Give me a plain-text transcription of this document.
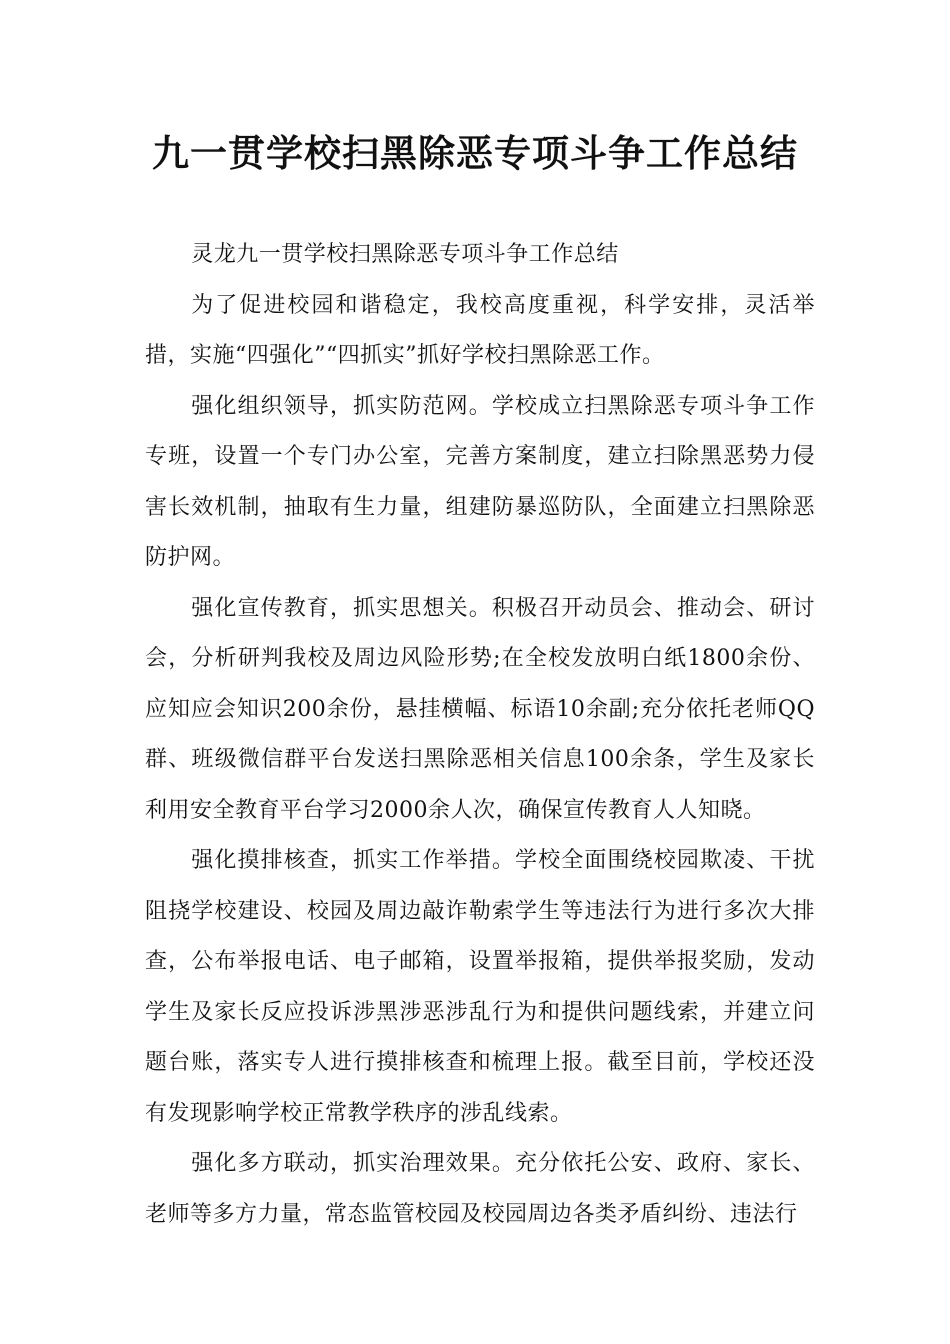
九一贯学校扫黑除恶专项斗争工作总结

灵龙九一贯学校扫黑除恶专项斗争工作总结

为了促进校园和谐稳定，我校高度重视，科学安排，灵活举措，实施“四强化”“四抓实”抓好学校扫黑除恶工作。

强化组织领导，抓实防范网。学校成立扫黑除恶专项斗争工作专班，设置一个专门办公室，完善方案制度，建立扫除黑恶势力侵害长效机制，抽取有生力量，组建防暴巡防队，全面建立扫黑除恶防护网。

强化宣传教育，抓实思想关。积极召开动员会、推动会、研讨会，分析研判我校及周边风险形势;在全校发放明白纸1800余份、应知应会知识200余份，悬挂横幅、标语10余副;充分依托老师QQ群、班级微信群平台发送扫黑除恶相关信息100余条，学生及家长利用安全教育平台学习2000余人次，确保宣传教育人人知晓。

强化摸排核查，抓实工作举措。学校全面围绕校园欺凌、干扰阻挠学校建设、校园及周边敲诈勒索学生等违法行为进行多次大排查，公布举报电话、电子邮箱，设置举报箱，提供举报奖励，发动学生及家长反应投诉涉黑涉恶涉乱行为和提供问题线索，并建立问题台账，落实专人进行摸排核查和梳理上报。截至目前，学校还没有发现影响学校正常教学秩序的涉乱线索。

强化多方联动，抓实治理效果。充分依托公安、政府、家长、老师等多方力量，常态监管校园及校园周边各类矛盾纠纷、违法行
